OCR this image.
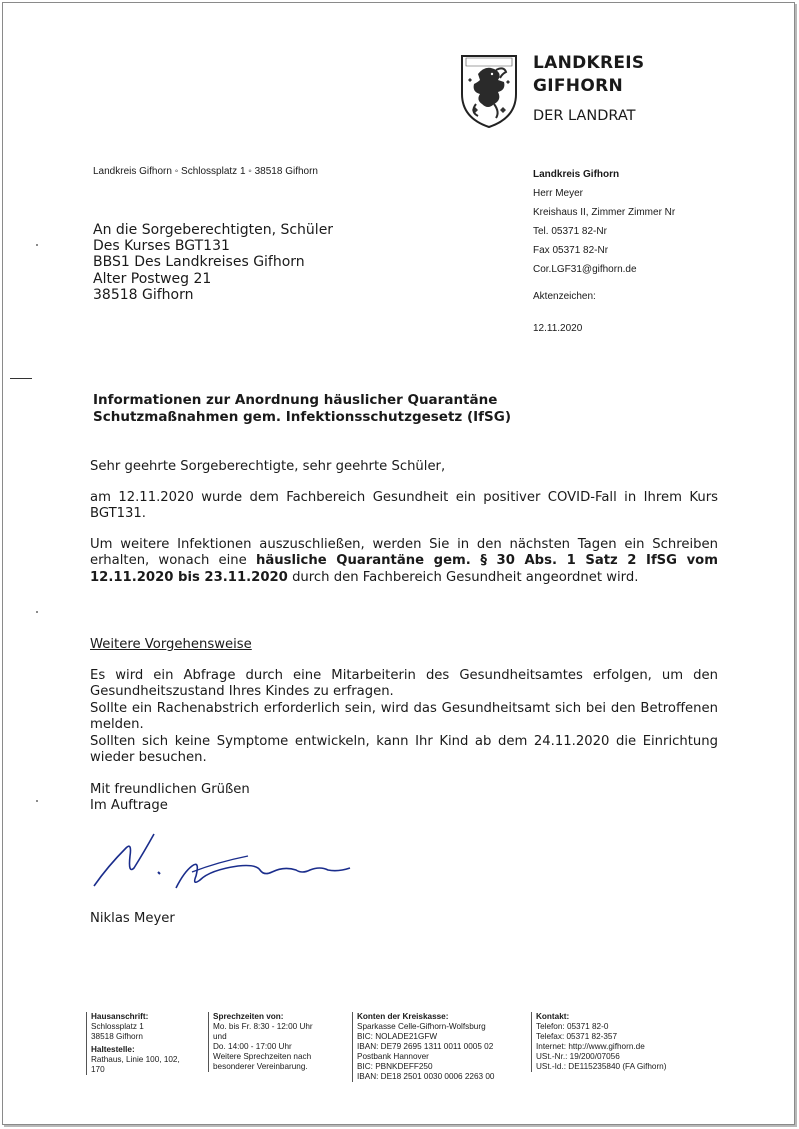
LANDKREIS
GIFHORN
DER LANDRAT
Landkreis Gifhorn ◦ Schlossplatz 1 ◦ 38518 Gifhorn	Landkreis Gifhorn
Herr Meyer
Kreishaus II, Zimmer Zimmer Nr
Tel. 05371 82-Nr
Fax 05371 82-Nr
Cor.LGF31@gifhorn.de
An die Sorgeberechtigten, Schüler
Des Kurses BGT131
BBS1 Des Landkreises Gifhorn
Alter Postweg 21
38518 Gifhorn	Aktenzeichen:
12.11.2020
Informationen zur Anordnung häuslicher Quarantäne
Schutzmaßnahmen gem. Infektionsschutzgesetz (IfSG)
Sehr geehrte Sorgeberechtigte, sehr geehrte Schüler,
am 12.11.2020 wurde dem Fachbereich Gesundheit ein positiver COVID-Fall in Ihrem Kurs BGT131.
Um weitere Infektionen auszuschließen, werden Sie in den nächsten Tagen ein Schreiben erhalten, wonach eine häusliche Quarantäne gem. § 30 Abs. 1 Satz 2 IfSG vom 12.11.2020 bis 23.11.2020 durch den Fachbereich Gesundheit angeordnet wird.
Weitere Vorgehensweise
Es wird ein Abfrage durch eine Mitarbeiterin des Gesundheitsamtes erfolgen, um den Gesundheitszustand Ihres Kindes zu erfragen.
Sollte ein Rachenabstrich erforderlich sein, wird das Gesundheitsamt sich bei den Betroffenen melden.
Sollten sich keine Symptome entwickeln, kann Ihr Kind ab dem 24.11.2020 die Einrichtung wieder besuchen.
Mit freundlichen Grüßen
Im Auftrage
Niklas Meyer
Hausanschrift:
Schlossplatz 1
38518 Gifhorn
Haltestelle:
Rathaus, Linie 100, 102,
170
Sprechzeiten von:
Mo. bis Fr. 8:30 - 12:00 Uhr
und
Do. 14:00 - 17:00 Uhr
Weitere Sprechzeiten nach
besonderer Vereinbarung.
Konten der Kreiskasse:
Sparkasse Celle-Gifhorn-Wolfsburg
BIC: NOLADE21GFW
IBAN: DE79 2695 1311 0011 0005 02
Postbank Hannover
BIC: PBNKDEFF250
IBAN: DE18 2501 0030 0006 2263 00
Kontakt:
Telefon: 05371 82-0
Telefax: 05371 82-357
Internet: http://www.gifhorn.de
USt.-Nr.: 19/200/07056
USt.-Id.: DE115235840 (FA Gifhorn)
